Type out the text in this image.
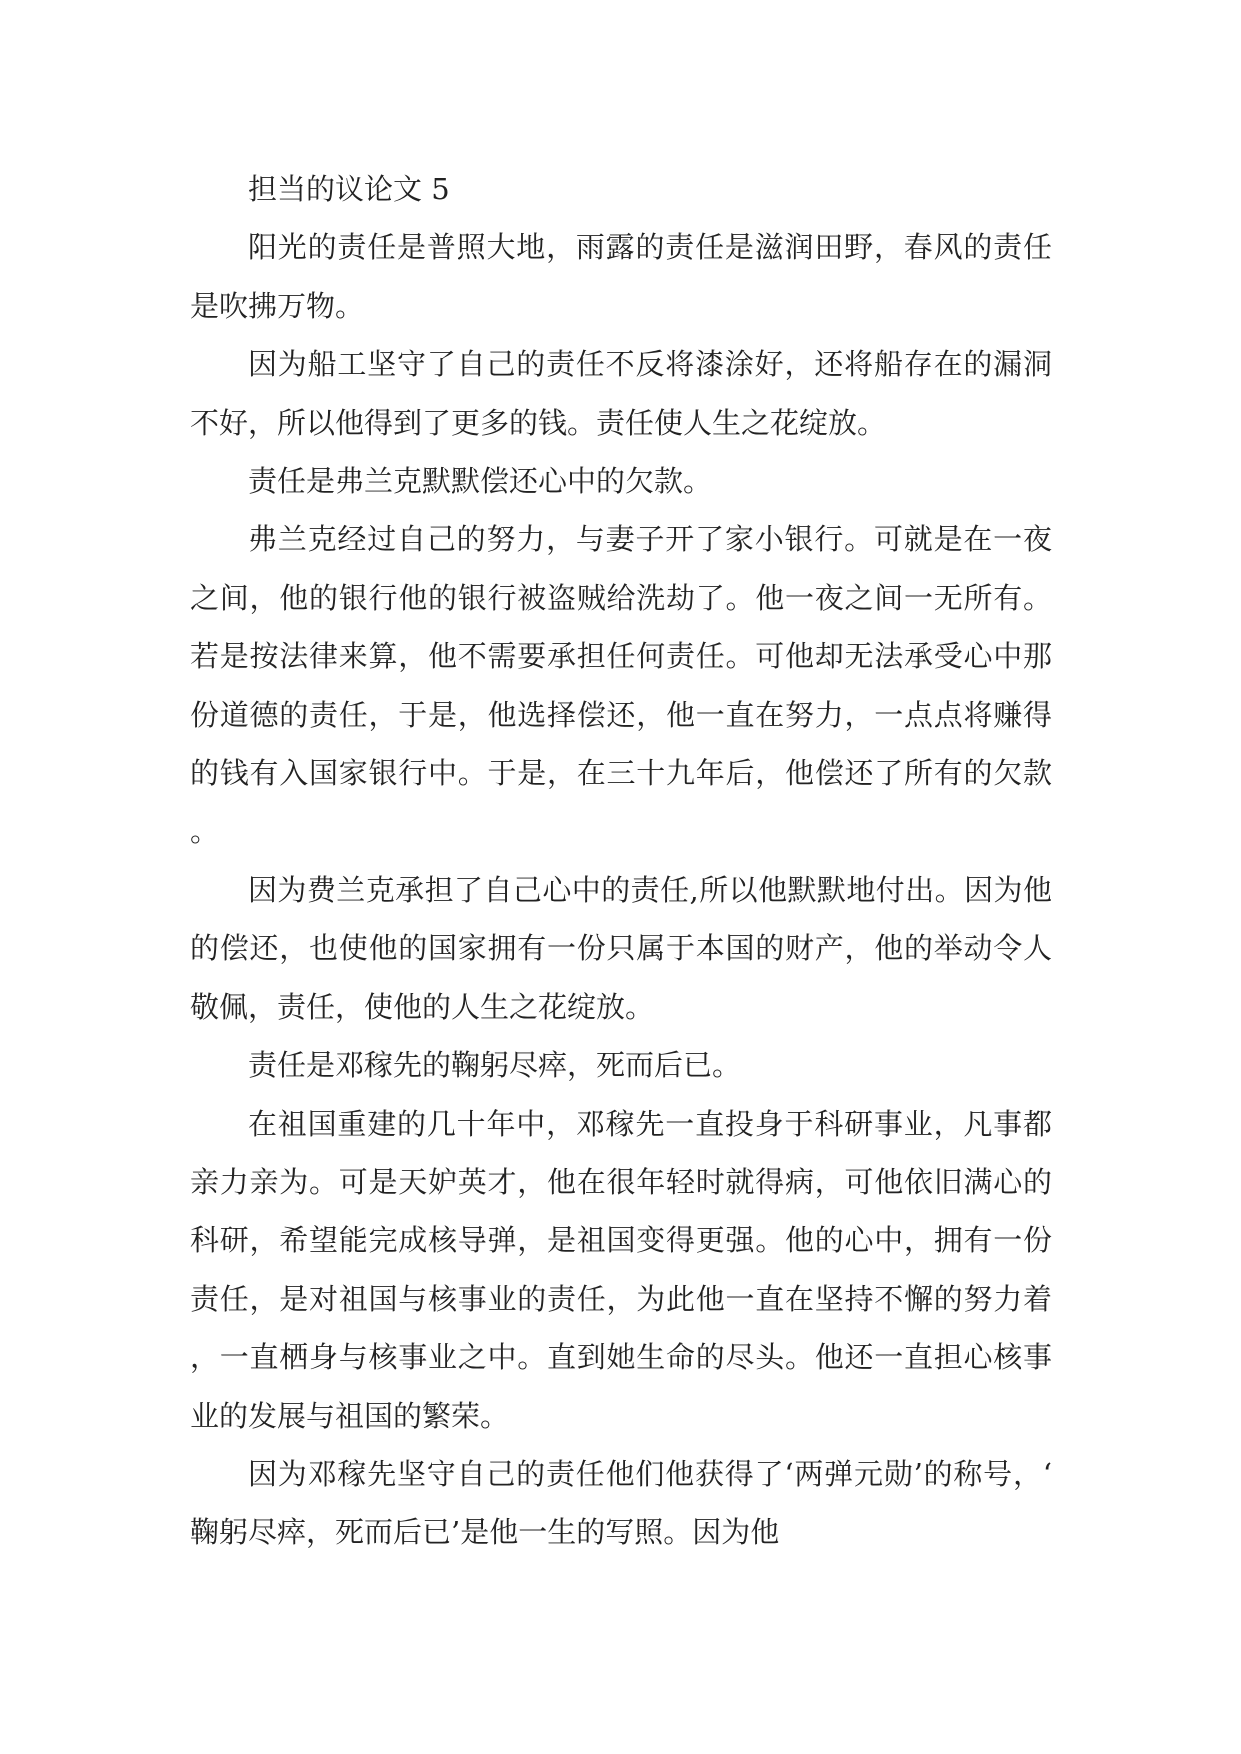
担当的议论文 5

阳光的责任是普照大地，雨露的责任是滋润田野，春风的责任是吹拂万物。

因为船工坚守了自己的责任不反将漆涂好，还将船存在的漏洞不好，所以他得到了更多的钱。责任使人生之花绽放。

责任是弗兰克默默偿还心中的欠款。

弗兰克经过自己的努力，与妻子开了家小银行。可就是在一夜之间，他的银行他的银行被盗贼给洗劫了。他一夜之间一无所有。若是按法律来算，他不需要承担任何责任。可他却无法承受心中那份道德的责任，于是，他选择偿还，他一直在努力，一点点将赚得的钱有入国家银行中。于是，在三十九年后，他偿还了所有的欠款。

因为费兰克承担了自己心中的责任,所以他默默地付出。因为他的偿还，也使他的国家拥有一份只属于本国的财产，他的举动令人敬佩，责任，使他的人生之花绽放。

责任是邓稼先的鞠躬尽瘁，死而后已。

在祖国重建的几十年中，邓稼先一直投身于科研事业，凡事都亲力亲为。可是天妒英才，他在很年轻时就得病，可他依旧满心的科研，希望能完成核导弹，是祖国变得更强。他的心中，拥有一份责任，是对祖国与核事业的责任，为此他一直在坚持不懈的努力着，一直栖身与核事业之中。直到她生命的尽头。他还一直担心核事业的发展与祖国的繁荣。

因为邓稼先坚守自己的责任他们他获得了‘两弹元勋’的称号，‘鞠躬尽瘁，死而后已’是他一生的写照。因为他
